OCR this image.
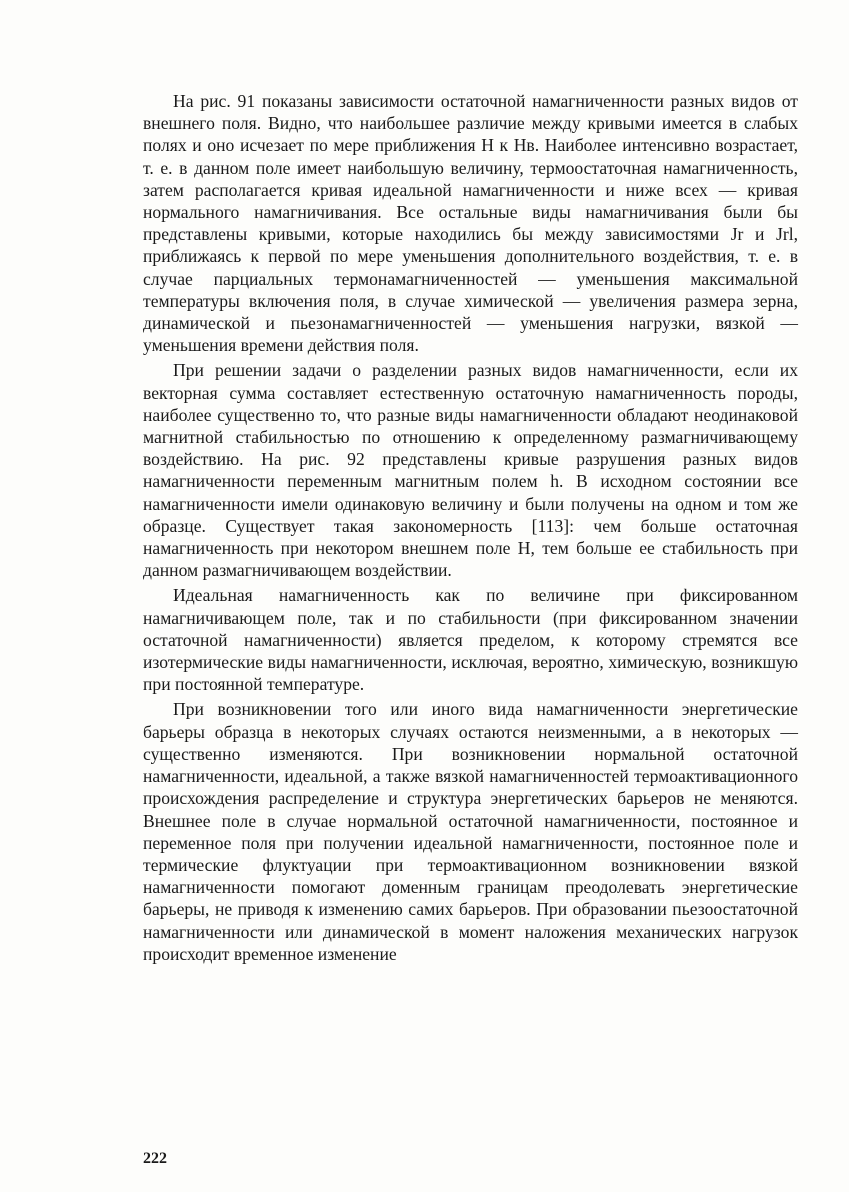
На рис. 91 показаны зависимости остаточной намагниченности разных видов от внешнего поля. Видно, что наибольшее различие между кривыми имеется в слабых полях и оно исчезает по мере приближения H к Hв. Наиболее интенсивно возрастает, т. е. в данном поле имеет наибольшую величину, термоостаточная намагниченность, затем располагается кривая идеальной намагниченности и ниже всех — кривая нормального намагничивания. Все остальные виды намагничивания были бы представлены кривыми, которые находились бы между зависимостями Jr и Jrl, приближаясь к первой по мере уменьшения дополнительного воздействия, т. е. в случае парциальных термонамагниченностей — уменьшения максимальной температуры включения поля, в случае химической — увеличения размера зерна, динамической и пьезонамагниченностей — уменьшения нагрузки, вязкой — уменьшения времени действия поля.

При решении задачи о разделении разных видов намагниченности, если их векторная сумма составляет естественную остаточную намагниченность породы, наиболее существенно то, что разные виды намагниченности обладают неодинаковой магнитной стабильностью по отношению к определенному размагничивающему воздействию. На рис. 92 представлены кривые разрушения разных видов намагниченности переменным магнитным полем h. В исходном состоянии все намагниченности имели одинаковую величину и были получены на одном и том же образце. Существует такая закономерность [113]: чем больше остаточная намагниченность при некотором внешнем поле H, тем больше ее стабильность при данном размагничивающем воздействии.

Идеальная намагниченность как по величине при фиксированном намагничивающем поле, так и по стабильности (при фиксированном значении остаточной намагниченности) является пределом, к которому стремятся все изотермические виды намагниченности, исключая, вероятно, химическую, возникшую при постоянной температуре.

При возникновении того или иного вида намагниченности энергетические барьеры образца в некоторых случаях остаются неизменными, а в некоторых — существенно изменяются. При возникновении нормальной остаточной намагниченности, идеальной, а также вязкой намагниченностей термоактивационного происхождения распределение и структура энергетических барьеров не меняются. Внешнее поле в случае нормальной остаточной намагниченности, постоянное и переменное поля при получении идеальной намагниченности, постоянное поле и термические флуктуации при термоактивационном возникновении вязкой намагниченности помогают доменным границам преодолевать энергетические барьеры, не приводя к изменению самих барьеров. При образовании пьезоостаточной намагниченности или динамической в момент наложения механических нагрузок происходит временное изменение

222
